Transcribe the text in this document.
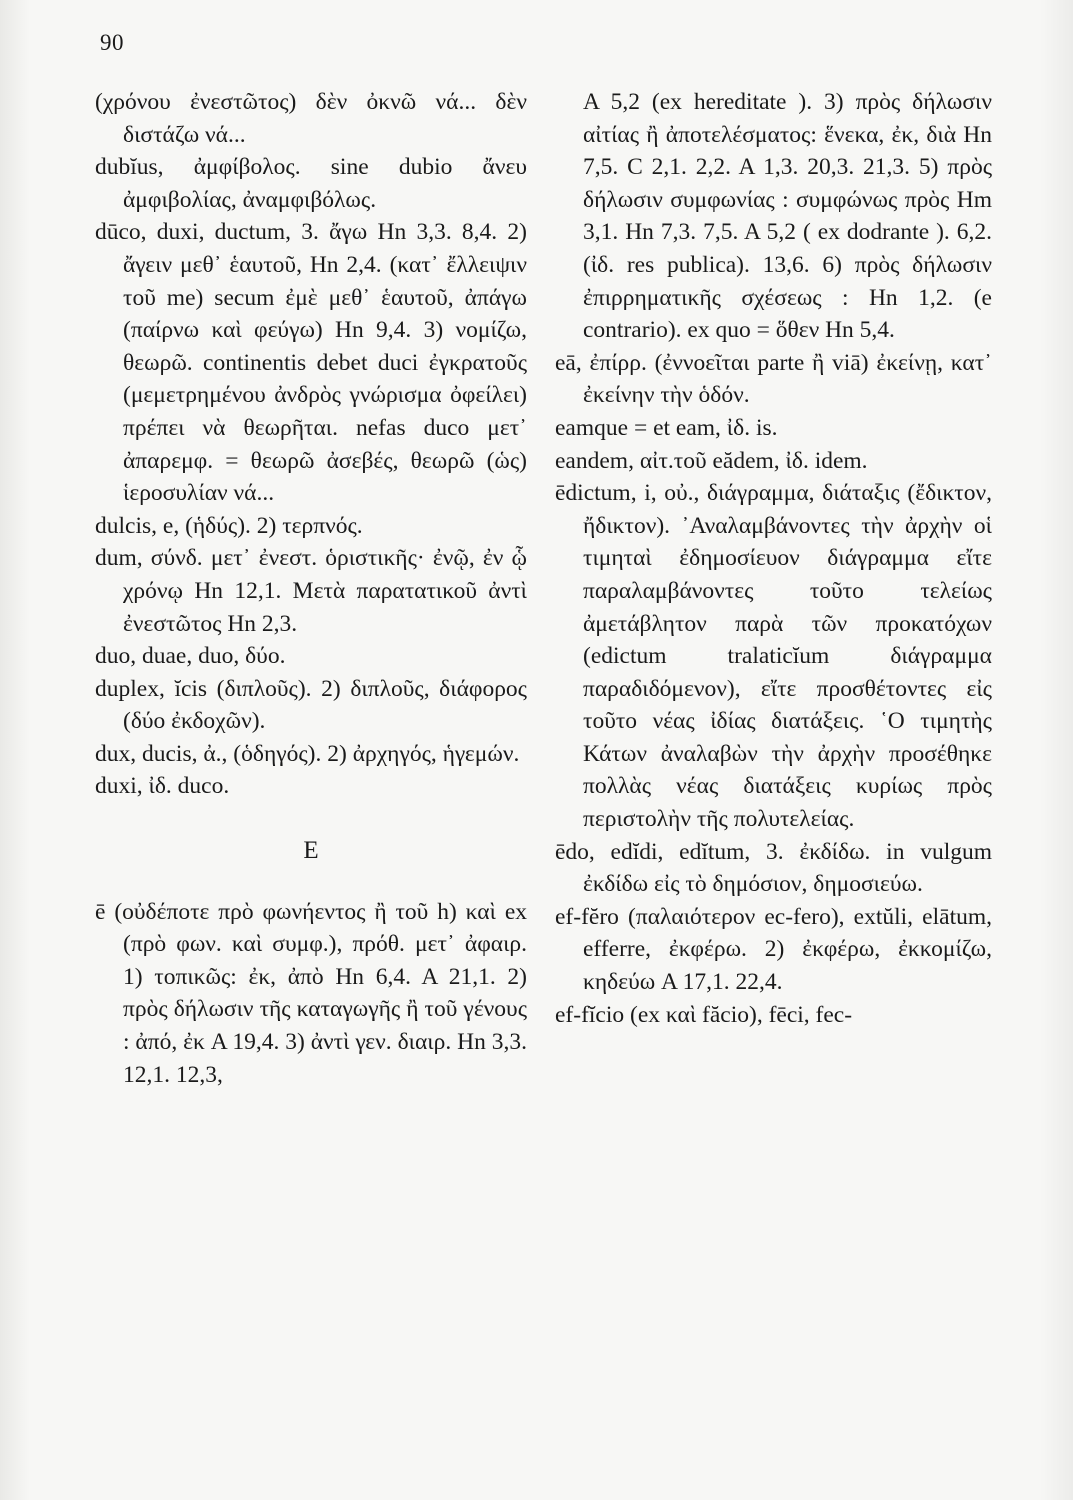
90

(χρόνου ἐνεστῶτος) δὲν ὀκνῶ νά... δὲν διστάζω νά...

dubĭus, ἀμφίβολος. sine dubio ἄνευ ἀμφιβολίας, ἀναμφιβόλως.

dūco, duxi, ductum, 3. ἄγω Hn 3,3. 8,4. 2) ἄγειν μεθ᾽ ἑαυτοῦ, Hn 2,4. (κατ᾽ ἔλλειψιν τοῦ me) secum ἐμὲ μεθ᾽ ἑαυτοῦ, ἀπάγω (παίρνω καὶ φεύγω) Hn 9,4. 3) νομίζω, θεωρῶ. continentis debet duci ἐγκρατοῦς (μεμετρημένου ἀνδρὸς γνώρισμα ὀφείλει) πρέπει νὰ θεωρῆται. nefas duco μετ᾽ ἀπαρεμφ. = θεωρῶ ἀσεβές, θεωρῶ (ὡς) ἱεροσυλίαν νά...

dulcis, e, (ἡδύς). 2) τερπνός.

dum, σύνδ. μετ᾽ ἐνεστ. ὁριστικῆς· ἐνῷ, ἐν ᾧ χρόνῳ Hn 12,1. Μετὰ παρατατικοῦ ἀντὶ ἐνεστῶτος Hn 2,3.

duo, duae, duo, δύο.

duplex, ĭcis (διπλοῦς). 2) διπλοῦς, διάφορος (δύο ἐκδοχῶν).

dux, ducis, ἀ., (ὁδηγός). 2) ἀρχηγός, ἡγεμών.

duxi, ἰδ. duco.

E

ē (οὐδέποτε πρὸ φωνήεντος ἢ τοῦ h) καὶ ex (πρὸ φων. καὶ συμφ.), πρόθ. μετ᾽ ἀφαιρ. 1) τοπικῶς: ἐκ, ἀπὸ Hn 6,4. A 21,1. 2) πρὸς δήλωσιν τῆς καταγωγῆς ἢ τοῦ γένους : ἀπό, ἐκ A 19,4. 3) ἀντὶ γεν. διαιρ. Hn 3,3. 12,1. 12,3,

A 5,2 (ex hereditate ). 3) πρὸς δήλωσιν αἰτίας ἢ ἀποτελέσματος: ἕνεκα, ἐκ, διὰ Hn 7,5. C 2,1. 2,2. A 1,3. 20,3. 21,3. 5) πρὸς δήλωσιν συμφωνίας : συμφώνως πρὸς Hm 3,1. Hn 7,3. 7,5. A 5,2 ( ex dodrante ). 6,2. (ἰδ. res publica). 13,6. 6) πρὸς δήλωσιν ἐπιρρηματικῆς σχέσεως : Hn 1,2. (e contrario). ex quo = ὅθεν Hn 5,4.

eā, ἐπίρρ. (ἐννοεῖται parte ἢ viā) ἐκείνῃ, κατ᾽ ἐκείνην τὴν ὁδόν.

eamque = et eam, ἰδ. is.

eandem, αἰτ.τοῦ eădem, ἰδ. idem.

ēdictum, i, οὐ., διάγραμμα, διάταξις (ἔδικτον, ἤδικτον). ᾿Αναλαμβάνοντες τὴν ἀρχὴν οἱ τιμηταὶ ἐδημοσίευον διάγραμμα εἴτε παραλαμβάνοντες τοῦτο τελείως ἀμετάβλητον παρὰ τῶν προκατόχων (edictum tralaticĭum διάγραμμα παραδιδόμενον), εἴτε προσθέτοντες εἰς τοῦτο νέας ἰδίας διατάξεις. ῾Ο τιμητὴς Κάτων ἀναλαβὼν τὴν ἀρχὴν προσέθηκε πολλὰς νέας διατάξεις κυρίως πρὸς περιστολὴν τῆς πολυτελείας.

ēdo, edĭdi, edĭtum, 3. ἐκδίδω. in vulgum ἐκδίδω εἰς τὸ δημόσιον, δημοσιεύω.

ef-fĕro (παλαιότερον ec-fero), extŭli, elātum, efferre, ἐκφέρω. 2) ἐκφέρω, ἐκκομίζω, κηδεύω A 17,1. 22,4.

ef-fĭcio (ex καὶ făcio), fēci, fec-
